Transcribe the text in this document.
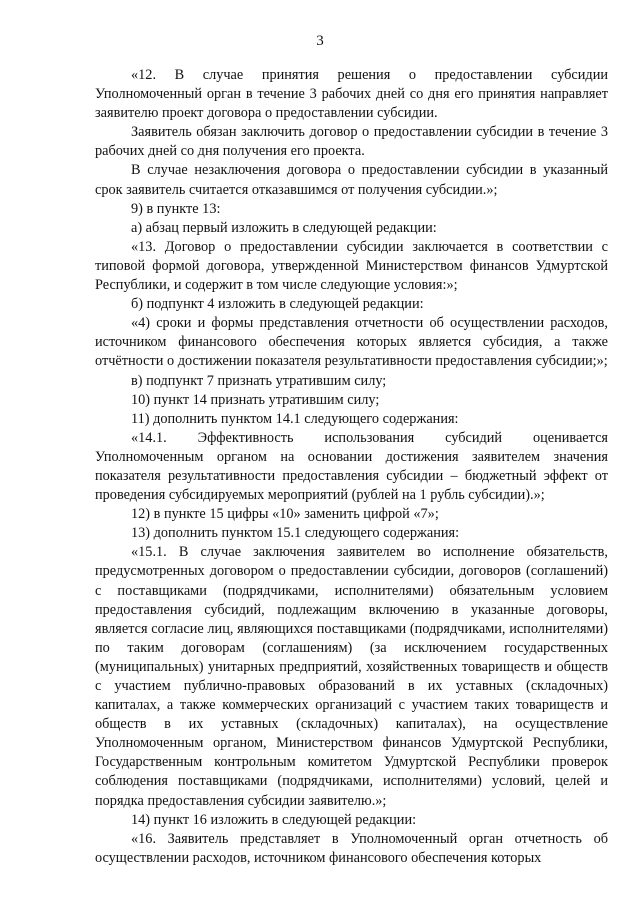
3

«12. В случае принятия решения о предоставлении субсидии Уполномоченный орган в течение 3 рабочих дней со дня его принятия направляет заявителю проект договора о предоставлении субсидии.

Заявитель обязан заключить договор о предоставлении субсидии в течение 3 рабочих дней со дня получения его проекта.

В случае незаключения договора о предоставлении субсидии в указанный срок заявитель считается отказавшимся от получения субсидии.»;

9) в пункте 13:

а) абзац первый изложить в следующей редакции:

«13. Договор о предоставлении субсидии заключается в соответствии с типовой формой договора, утвержденной Министерством финансов Удмуртской Республики, и содержит в том числе следующие условия:»;

б) подпункт 4 изложить в следующей редакции:

«4) сроки и формы представления отчетности об осуществлении расходов, источником финансового обеспечения которых является субсидия, а также отчётности о достижении показателя результативности предоставления субсидии;»;

в) подпункт 7 признать утратившим силу;

10) пункт 14 признать утратившим силу;

11) дополнить пунктом 14.1 следующего содержания:

«14.1. Эффективность использования субсидий оценивается Уполномоченным органом на основании достижения заявителем значения показателя результативности предоставления субсидии – бюджетный эффект от проведения субсидируемых мероприятий (рублей на 1 рубль субсидии).»;

12) в пункте 15 цифры «10» заменить цифрой «7»;

13) дополнить пунктом 15.1 следующего содержания:

«15.1. В случае заключения заявителем во исполнение обязательств, предусмотренных договором о предоставлении субсидии, договоров (соглашений) с поставщиками (подрядчиками, исполнителями) обязательным условием предоставления субсидий, подлежащим включению в указанные договоры, является согласие лиц, являющихся поставщиками (подрядчиками, исполнителями) по таким договорам (соглашениям) (за исключением государственных (муниципальных) унитарных предприятий, хозяйственных товариществ и обществ с участием публично-правовых образований в их уставных (складочных) капиталах, а также коммерческих организаций с участием таких товариществ и обществ в их уставных (складочных) капиталах), на осуществление Уполномоченным органом, Министерством финансов Удмуртской Республики, Государственным контрольным комитетом Удмуртской Республики проверок соблюдения поставщиками (подрядчиками, исполнителями) условий, целей и порядка предоставления субсидии заявителю.»;

14) пункт 16 изложить в следующей редакции:

«16. Заявитель представляет в Уполномоченный орган отчетность об осуществлении расходов, источником финансового обеспечения которых
